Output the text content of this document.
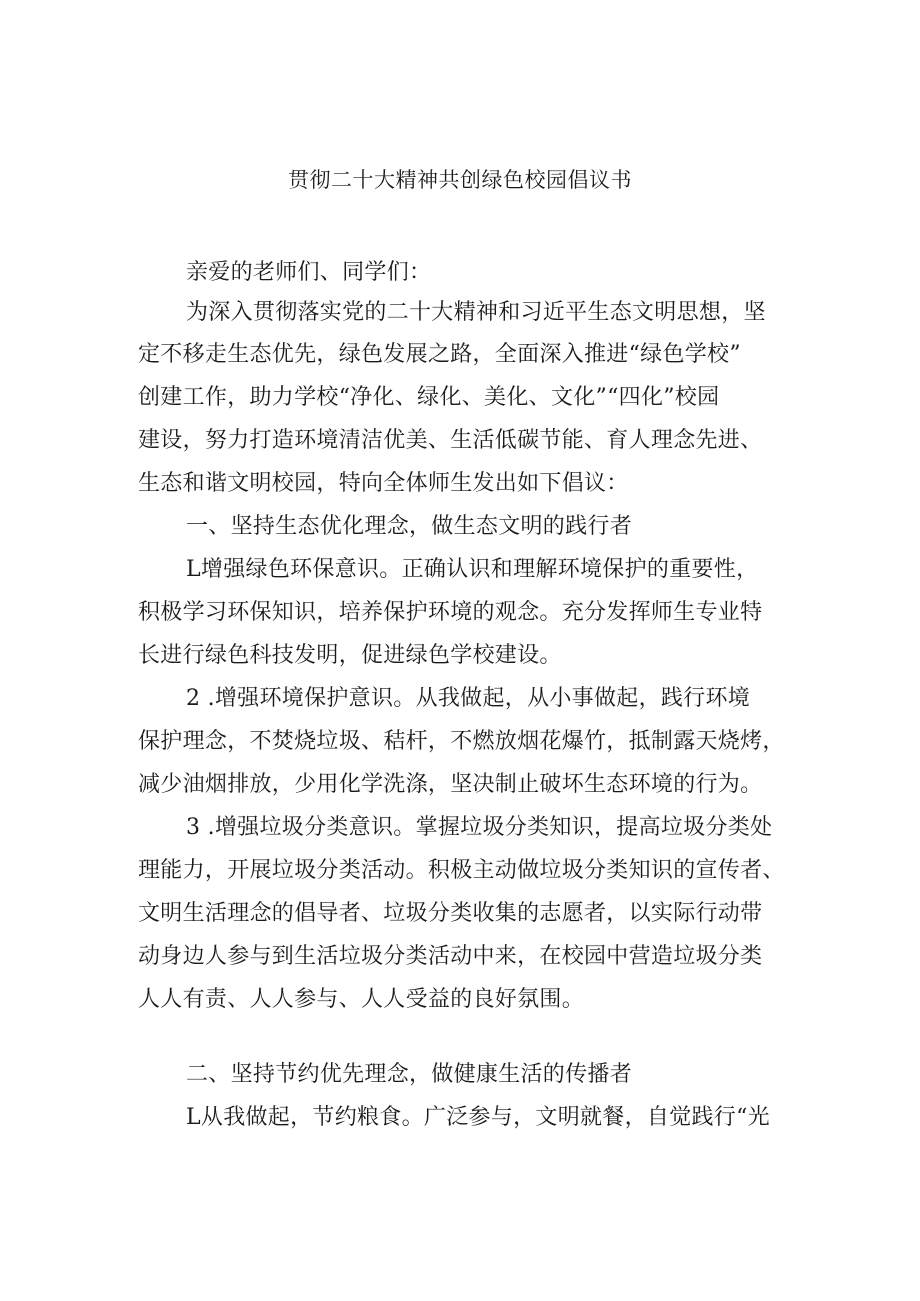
贯彻二十大精神共创绿色校园倡议书
亲爱的老师们、同学们：
为深入贯彻落实党的二十大精神和习近平生态文明思想，坚
定不移走生态优先，绿色发展之路，全面深入推进“绿色学校”
创建工作，助力学校“净化、绿化、美化、文化”“四化”校园
建设，努力打造环境清洁优美、生活低碳节能、育人理念先进、
生态和谐文明校园，特向全体师生发出如下倡议：
一、坚持生态优化理念，做生态文明的践行者
L增强绿色环保意识。正确认识和理解环境保护的重要性，
积极学习环保知识，培养保护环境的观念。充分发挥师生专业特
长进行绿色科技发明，促进绿色学校建设。
2 .增强环境保护意识。从我做起，从小事做起，践行环境
保护理念，不焚烧垃圾、秸杆，不燃放烟花爆竹，抵制露天烧烤，
减少油烟排放，少用化学洗涤，坚决制止破坏生态环境的行为。
3 .增强垃圾分类意识。掌握垃圾分类知识，提高垃圾分类处
理能力，开展垃圾分类活动。积极主动做垃圾分类知识的宣传者、
文明生活理念的倡导者、垃圾分类收集的志愿者，以实际行动带
动身边人参与到生活垃圾分类活动中来，在校园中营造垃圾分类
人人有责、人人参与、人人受益的良好氛围。
二、坚持节约优先理念，做健康生活的传播者
L从我做起，节约粮食。广泛参与，文明就餐，自觉践行“光
